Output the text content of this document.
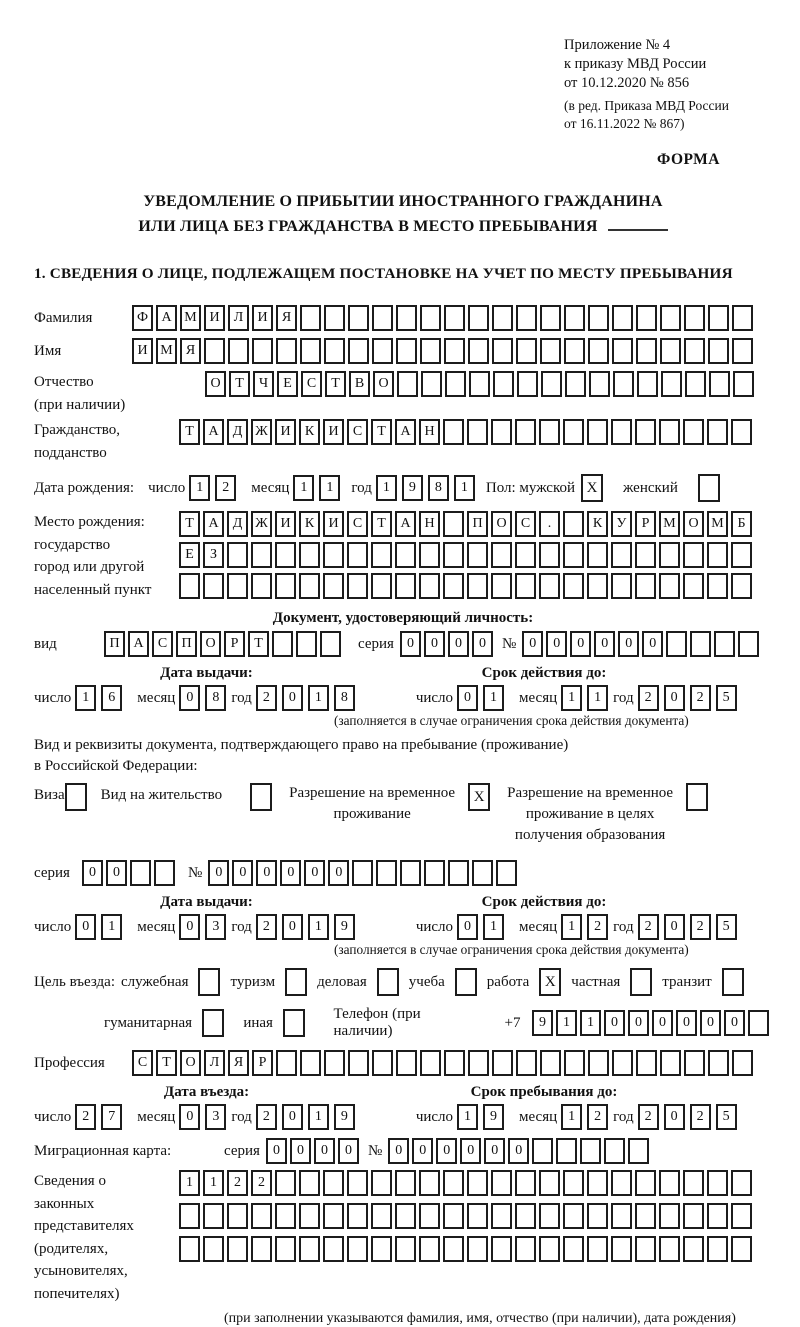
Приложение № 4
к приказу МВД России
от 10.12.2020 № 856
(в ред. Приказа МВД России
от 16.11.2022 № 867)
ФОРМА
УВЕДОМЛЕНИЕ О ПРИБЫТИИ ИНОСТРАННОГО ГРАЖДАНИНА
ИЛИ ЛИЦА БЕЗ ГРАЖДАНСТВА В МЕСТО ПРЕБЫВАНИЯ
1. СВЕДЕНИЯ О ЛИЦЕ, ПОДЛЕЖАЩЕМ ПОСТАНОВКЕ НА УЧЕТ ПО МЕСТУ ПРЕБЫВАНИЯ
Фамилия	Ф А М И	Л	И	Я
Имя	И М Я
Отчество
(при наличии)
О	Т	Ч	Е	С	Т	В	О
Гражданство,
подданство
Т	А	Д Ж И	К	И	С	Т	А Н
Дата рождения: число 1	2	месяц 1	1	год 1	9	8	1	Пол: мужской X	женский
Место рождения:
государство
город или другой
населенный пункт
Т	А	Д Ж И	К	И	С	Т	А Н	П О	С	.	К	У	Р М О М Б

Е	З

Документ, удостоверяющий личность:
вид	П А	С	П О	Р	Т	серия 0	0	0	0	№ 0	0	0	0	0	0
Дата выдачи:	Срок действия до:
число 1	6	месяц 0	8 год 2	0	1	8	число 0	1	месяц 1	1 год 2	0	2	5
(заполняется в случае ограничения срока действия документа)
Вид и реквизиты документа, подтверждающего право на пребывание (проживание)
в Российской Федерации:
Виза Вид на жительство	Разрешение на временное проживание
X	Разрешение на временное проживание в целях получения образования
серия	0	0	№ 0	0	0	0	0	0
Дата выдачи:	Срок действия до:
число 0	1	месяц 0	3 год 2	0	1	9	число 0	1	месяц 1	2 год 2	0	2	5
(заполняется в случае ограничения срока действия документа)
Цель въезда: служебная	туризм	деловая	учеба	работа	X	частная	транзит
гуманитарная	иная
Телефон (при наличии)
+7	9	1	1	0	0	0	0	0	0
Профессия	С	Т	О	Л	Я	Р
Дата въезда:	Срок пребывания до:
число 2	7	месяц 0	3 год 2	0	1	9	число 1	9	месяц 1	2 год 2	0	2	5
Миграционная карта:	серия 0	0	0	0	№ 0	0	0	0	0	0
Сведения о
законных
представителях
(родителях,
усыновителях,
попечителях)
1	1	2	2

(при заполнении указываются фамилия, имя, отчество (при наличии), дата рождения)
